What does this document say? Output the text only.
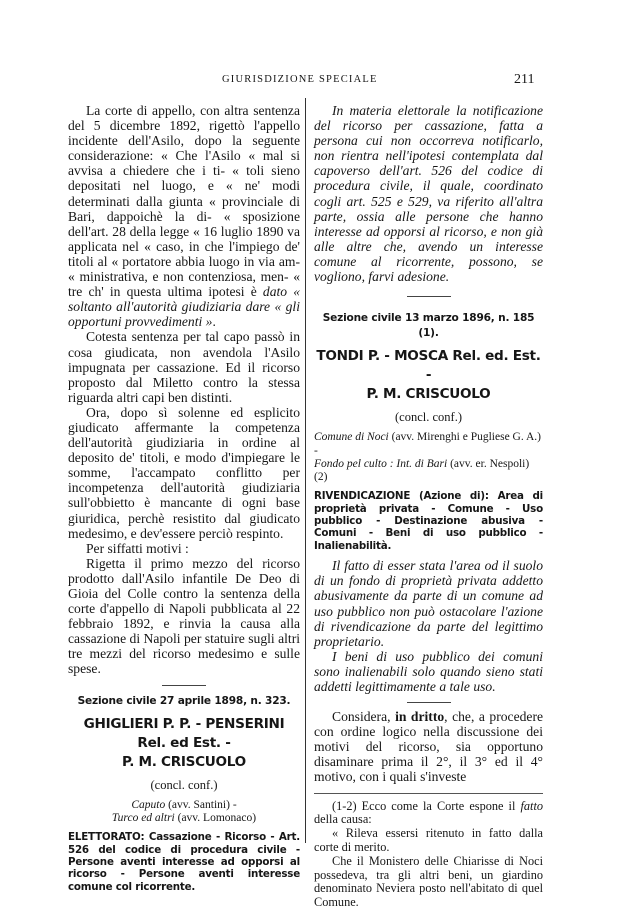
GIURISDIZIONE SPECIALE	211

La corte di appello, con altra sentenza del 5 dicembre 1892, rigettò l'appello incidente dell'Asilo, dopo la seguente considerazione: « Che l'Asilo « mal si avvisa a chiedere che i ti- « toli sieno depositati nel luogo, e « ne' modi determinati dalla giunta « provinciale di Bari, dappoichè la di- « sposizione dell'art. 28 della legge « 16 luglio 1890 va applicata nel « caso, in che l'impiego de' titoli al « portatore abbia luogo in via am- « ministrativa, e non contenziosa, men- « tre ch' in questa ultima ipotesi è dato « soltanto all'autorità giudiziaria dare « gli opportuni provvedimenti ».

Cotesta sentenza per tal capo passò in cosa giudicata, non avendola l'Asilo impugnata per cassazione. Ed il ricorso proposto dal Miletto contro la stessa riguarda altri capi ben distinti.

Ora, dopo sì solenne ed esplicito giudicato affermante la competenza dell'autorità giudiziaria in ordine al deposito de' titoli, e modo d'impiegare le somme, l'accampato conflitto per incompetenza dell'autorità giudiziaria sull'obbietto è mancante di ogni base giuridica, perchè resistito dal giudicato medesimo, e dev'essere perciò respinto.

Per siffatti motivi :

Rigetta il primo mezzo del ricorso prodotto dall'Asilo infantile De Deo di Gioia del Colle contro la sentenza della corte d'appello di Napoli pubblicata al 22 febbraio 1892, e rinvia la causa alla cassazione di Napoli per statuire sugli altri tre mezzi del ricorso medesimo e sulle spese.

Sezione civile 27 aprile 1898, n. 323.
GHIGLIERI P. P. - PENSERINI Rel. ed Est. -
P. M. CRISCUOLO
(concl. conf.)
Caputo (avv. Santini) -
Turco ed altri (avv. Lomonaco)
ELETTORATO: Cassazione - Ricorso - Art. 526 del codice di procedura civile - Persone aventi interesse ad opporsi al ricorso - Persone aventi interesse comune col ricorrente.

In materia elettorale la notificazione del ricorso per cassazione, fatta a persona cui non occorreva notificarlo, non rientra nell'ipotesi contemplata dal capoverso dell'art. 526 del codice di procedura civile, il quale, coordinato cogli art. 525 e 529, va riferito all'altra parte, ossia alle persone che hanno interesse ad opporsi al ricorso, e non già alle altre che, avendo un interesse comune al ricorrente, possono, se vogliono, farvi adesione.

Sezione civile 13 marzo 1896, n. 185 (1).
TONDI P. - MOSCA Rel. ed. Est. -
P. M. CRISCUOLO
(concl. conf.)
Comune di Noci (avv. Mirenghi e Pugliese G. A.) -
Fondo pel culto : Int. di Bari (avv. er. Nespoli) (2)
RIVENDICAZIONE (Azione di): Area di proprietà privata - Comune - Uso pubblico - Destinazione abusiva - Comuni - Beni di uso pubblico - Inalienabilità.

Il fatto di esser stata l'area od il suolo di un fondo di proprietà privata addetto abusivamente da parte di un comune ad uso pubblico non può ostacolare l'azione di rivendicazione da parte del legittimo proprietario.

I beni di uso pubblico dei comuni sono inalienabili solo quando sieno stati addetti legittimamente a tale uso.

Considera, in dritto, che, a procedere con ordine logico nella discussione dei motivi del ricorso, sia opportuno disaminare prima il 2°, il 3° ed il 4° motivo, con i quali s'investe

(1-2) Ecco come la Corte espone il fatto della causa:

« Rileva essersi ritenuto in fatto dalla corte di merito.

Che il Monistero delle Chiarisse di Noci possedeva, tra gli altri beni, un giardino denominato Neviera posto nell'abitato di quel Comune.
